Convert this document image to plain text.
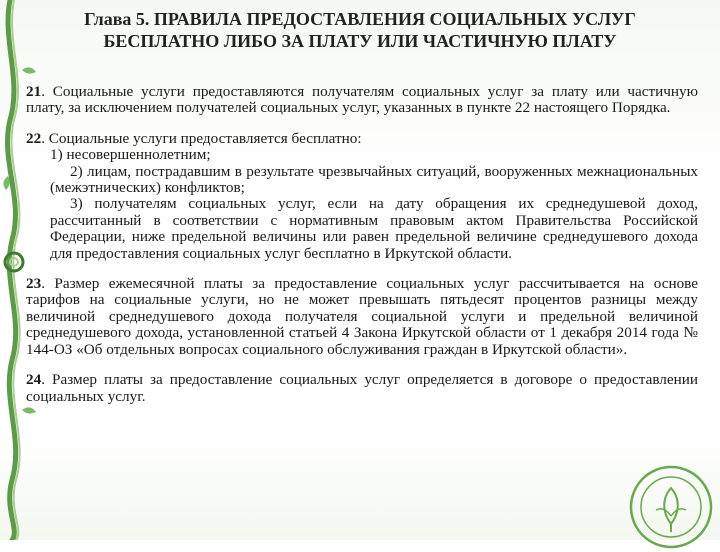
Глава 5. ПРАВИЛА ПРЕДОСТАВЛЕНИЯ СОЦИАЛЬНЫХ УСЛУГ
БЕСПЛАТНО ЛИБО ЗА ПЛАТУ ИЛИ ЧАСТИЧНУЮ ПЛАТУ

21. Социальные услуги предоставляются получателям социальных услуг за плату или частичную плату, за исключением получателей социальных услуг, указанных в пункте 22 настоящего Порядка.

22. Социальные услуги предоставляется бесплатно:

1) несовершеннолетним;

2) лицам, пострадавшим в результате чрезвычайных ситуаций, вооруженных межнациональных (межэтнических) конфликтов;

3) получателям социальных услуг, если на дату обращения их среднедушевой доход, рассчитанный в соответствии с нормативным правовым актом Правительства Российской Федерации, ниже предельной величины или равен предельной величине среднедушевого дохода для предоставления социальных услуг бесплатно в Иркутской области.

23. Размер ежемесячной платы за предоставление социальных услуг рассчитывается на основе тарифов на социальные услуги, но не может превышать пятьдесят процентов разницы между величиной среднедушевого дохода получателя социальной услуги и предельной величиной среднедушевого дохода, установленной статьей 4 Закона Иркутской области от 1 декабря 2014 года № 144-ОЗ «Об отдельных вопросах социального обслуживания граждан в Иркутской области».

24. Размер платы за предоставление социальных услуг определяется в договоре о предоставлении социальных услуг.
